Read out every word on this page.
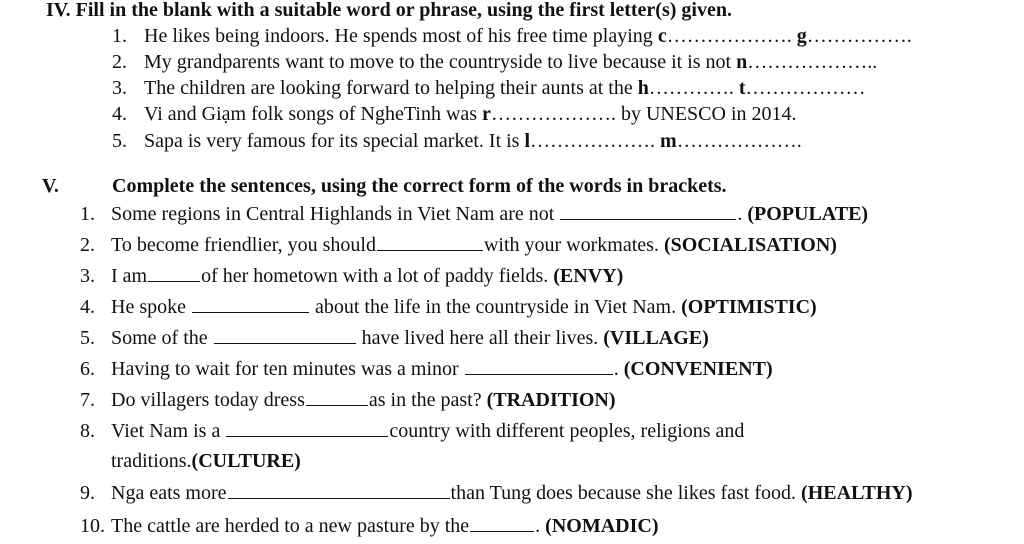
IV. Fill in the blank with a suitable word or phrase, using the first letter(s) given.
1. He likes being indoors. He spends most of his free time playing c………………. g…………….
2. My grandparents want to move to the countryside to live because it is not n………………..
3. The children are looking forward to helping their aunts at the h…………. t………………
4. Vi and Giạm folk songs of NgheTinh was r………………. by UNESCO in 2014.
5. Sapa is very famous for its special market. It is l………………. m……………….
V.	Complete the sentences, using the correct form of the words in brackets.
1. Some regions in Central Highlands in Viet Nam are not	. (POPULATE)
2. To become friendlier, you should	with your workmates. (SOCIALISATION)
3. I am	of her hometown with a lot of paddy fields. (ENVY)
4. He spoke	about the life in the countryside in Viet Nam. (OPTIMISTIC)
5. Some of the	have lived here all their lives. (VILLAGE)
6. Having to wait for ten minutes was a minor	. (CONVENIENT)
7. Do villagers today dress	as in the past? (TRADITION)
8. Viet Nam is a	country with different peoples, religions and
traditions.(CULTURE)
9. Nga eats more	than Tung does because she likes fast food. (HEALTHY)
10. The cattle are herded to a new pasture by the	. (NOMADIC)
